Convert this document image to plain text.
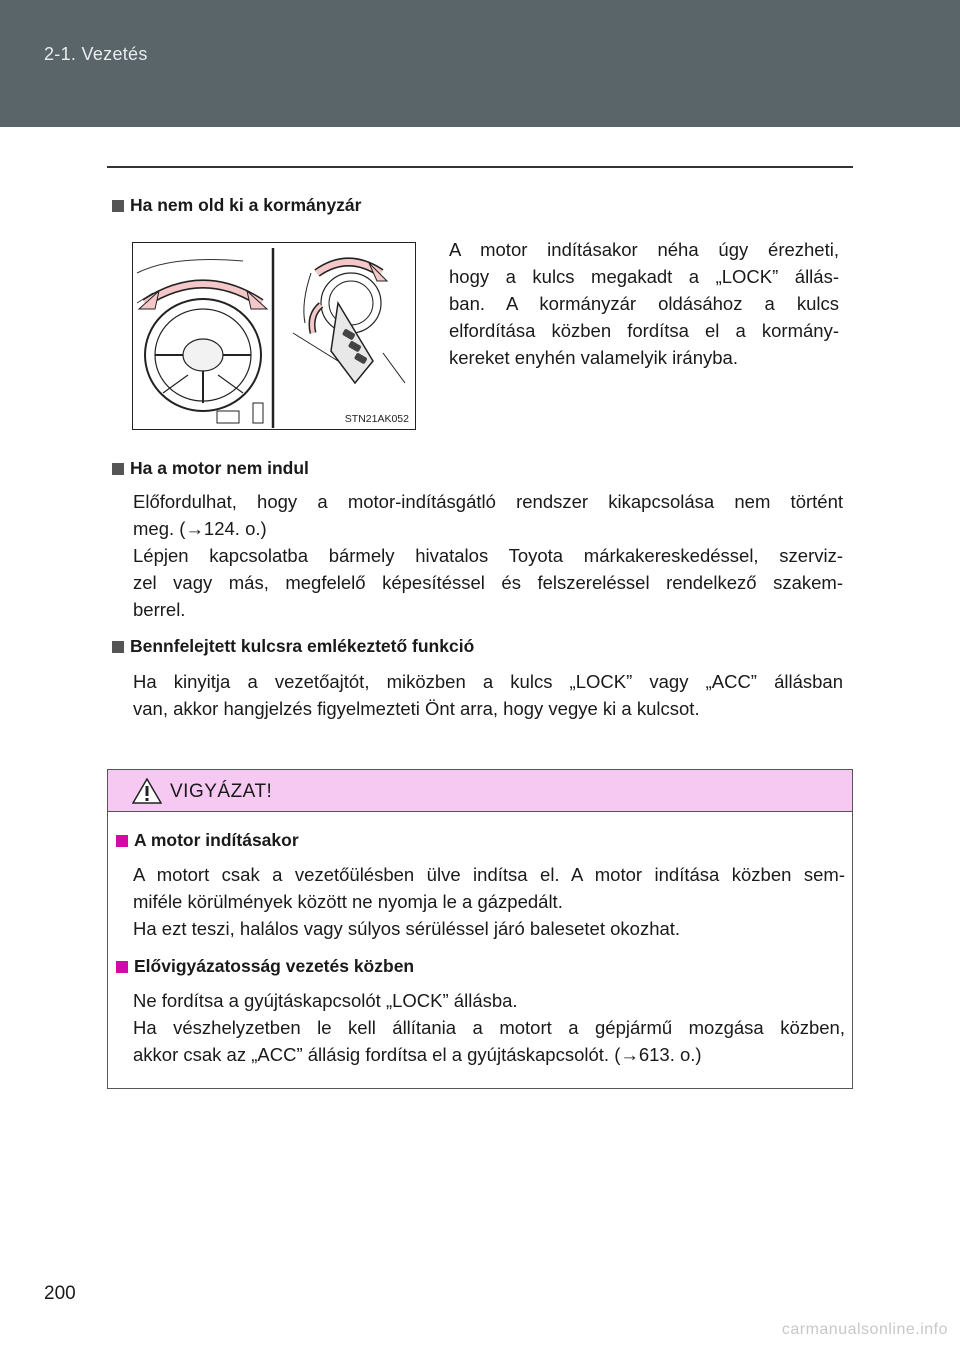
2-1. Vezetés
Ha nem old ki a kormányzár
STN21AK052
A motor indításakor néha úgy érezheti,
hogy a kulcs megakadt a „LOCK” állás-
ban. A kormányzár oldásához a kulcs
elfordítása közben fordítsa el a kormány-
kereket enyhén valamelyik irányba.
Ha a motor nem indul
Előfordulhat, hogy a motor-indításgátló rendszer kikapcsolása nem történt
meg. (→124. o.)
Lépjen kapcsolatba bármely hivatalos Toyota márkakereskedéssel, szerviz-
zel vagy más, megfelelő képesítéssel és felszereléssel rendelkező szakem-
berrel.
Bennfelejtett kulcsra emlékeztető funkció
Ha kinyitja a vezetőajtót, miközben a kulcs „LOCK” vagy „ACC” állásban
van, akkor hangjelzés figyelmezteti Önt arra, hogy vegye ki a kulcsot.
VIGYÁZAT!
A motor indításakor
A motort csak a vezetőülésben ülve indítsa el. A motor indítása közben sem-
miféle körülmények között ne nyomja le a gázpedált.
Ha ezt teszi, halálos vagy súlyos sérüléssel járó balesetet okozhat.
Elővigyázatosság vezetés közben
Ne fordítsa a gyújtáskapcsolót „LOCK” állásba.
Ha vészhelyzetben le kell állítania a motort a gépjármű mozgása közben,
akkor csak az „ACC” állásig fordítsa el a gyújtáskapcsolót. (→613. o.)
200
carmanualsonline.info
